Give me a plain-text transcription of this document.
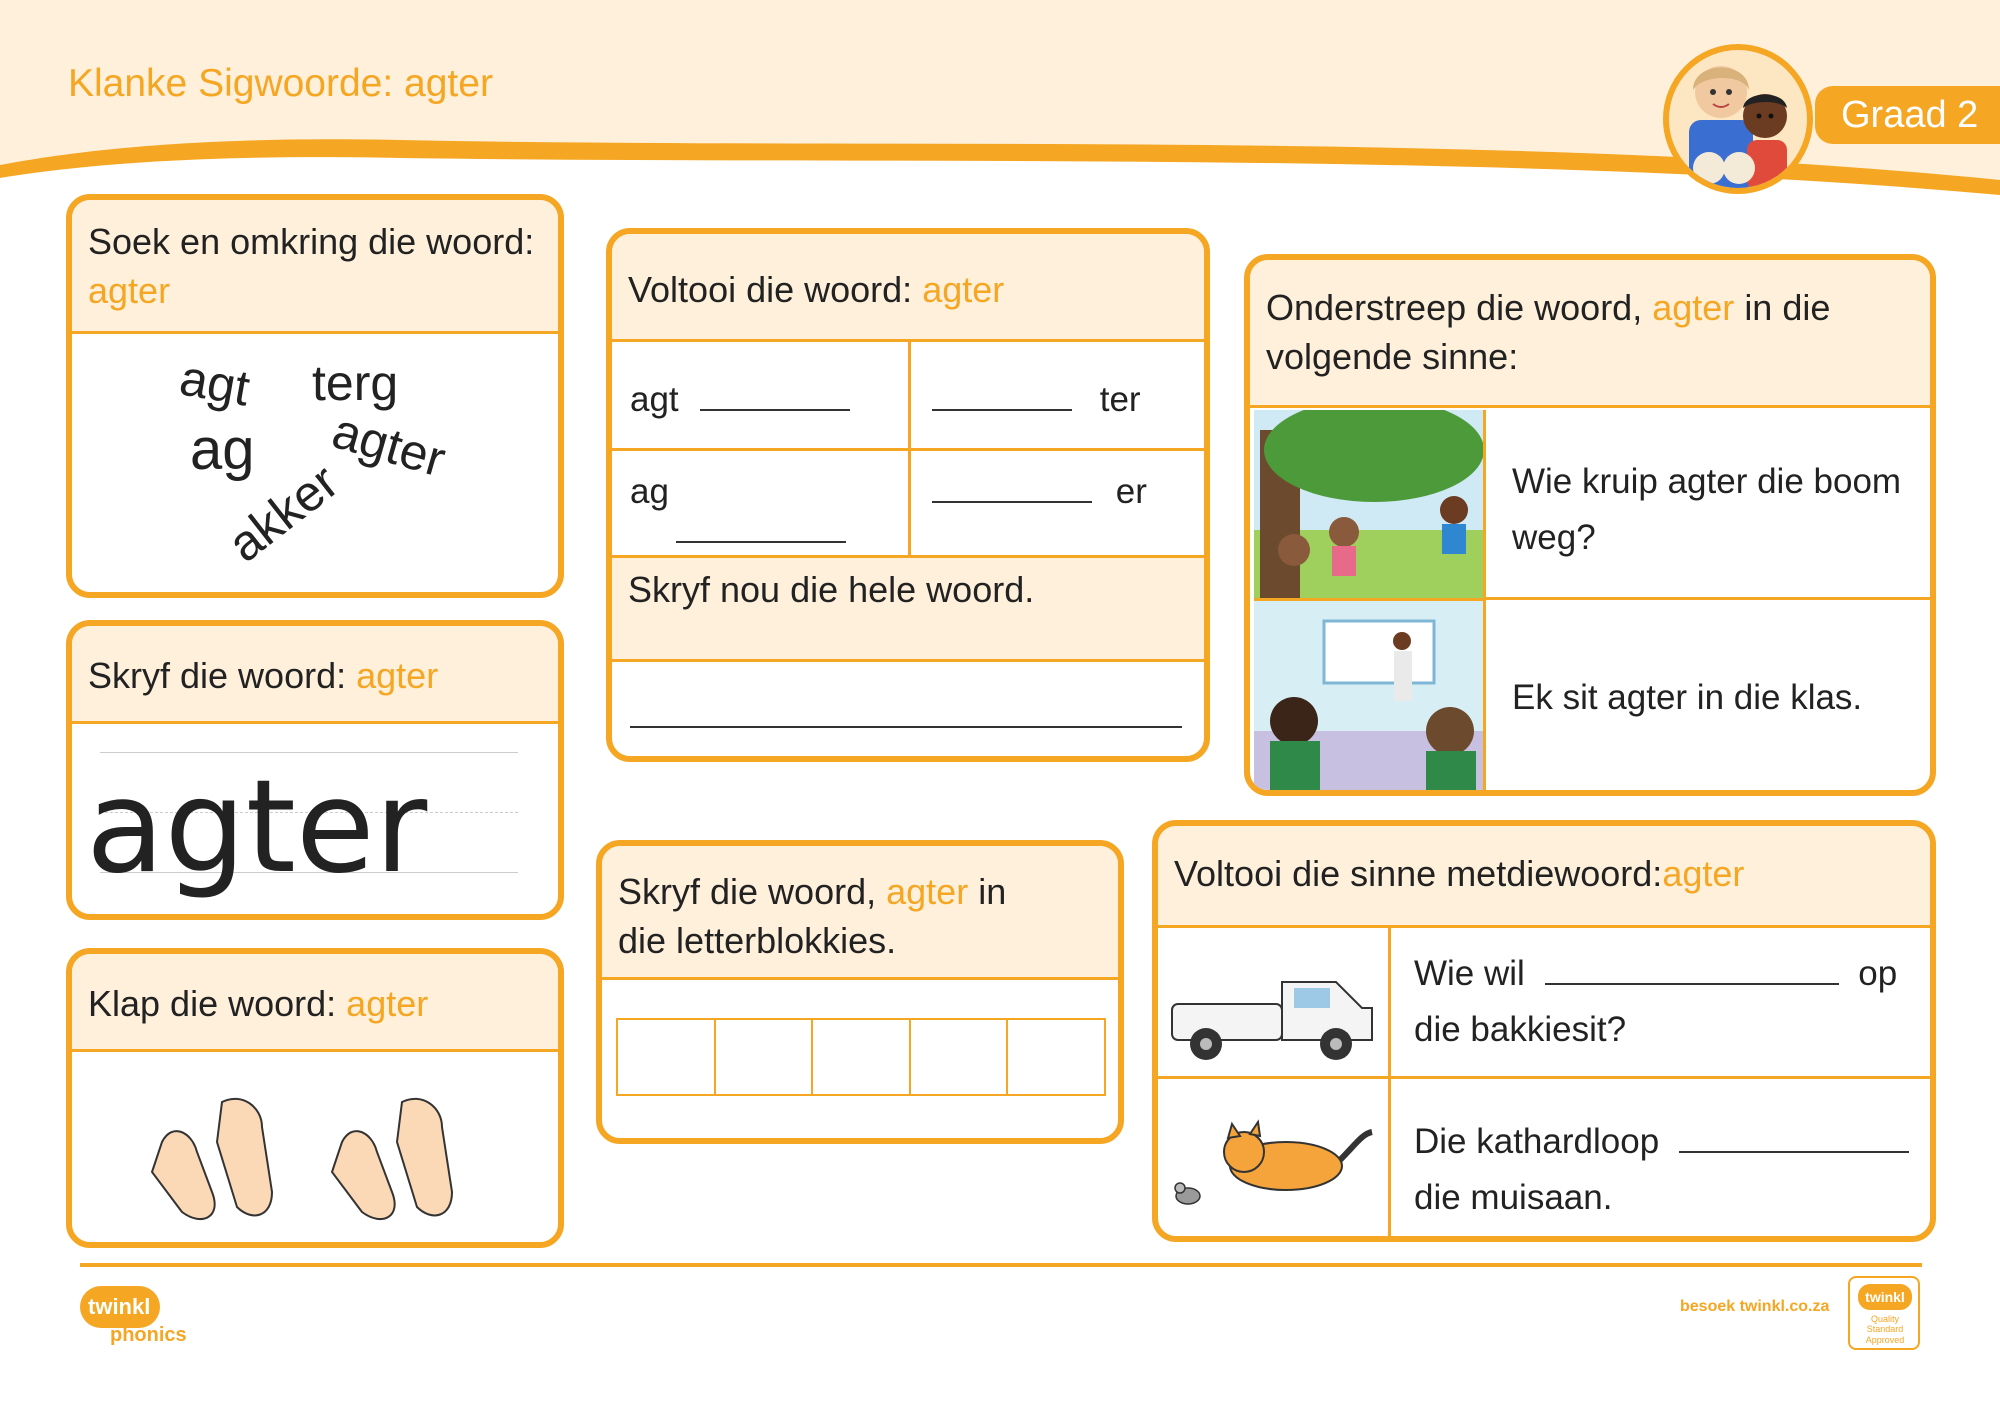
Klanke Sigwoorde: agter
Graad 2
Soek en omkring die woord:
agter
agt terg
ag agter
akker
Skryf die woord: agter
agter
Klap die woord: agter
Voltooi die woord: agter
agt	ter
ag	er
Skryf nou die hele woord.
Skryf die woord, agter in
die letterblokkies.
Onderstreep die woord, agter in die
volgende sinne:
Wie kruip agter die boom weg?
Ek sit agter in die klas.
Voltooi die sinne metdiewoord:agter
Wie wil	op
die bakkiesit?
Die kathardloop
die muisaan.
twinkl
phonics
besoek twinkl.co.za
twinkl
Quality Standard Approved
